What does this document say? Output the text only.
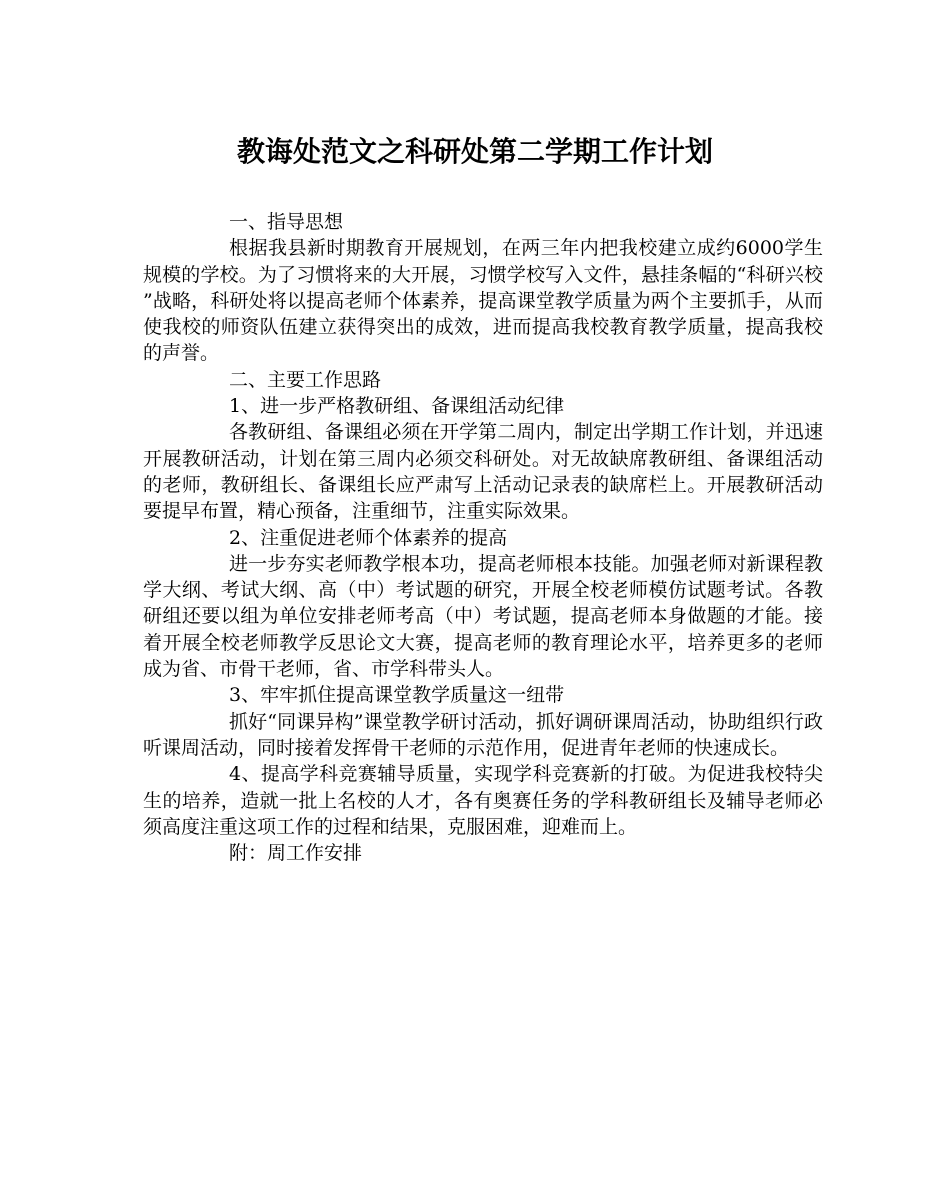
教诲处范文之科研处第二学期工作计划

一、指导思想

根据我县新时期教育开展规划，在两三年内把我校建立成约6000学生规模的学校。为了习惯将来的大开展，习惯学校写入文件，悬挂条幅的“科研兴校”战略，科研处将以提高老师个体素养，提高课堂教学质量为两个主要抓手，从而使我校的师资队伍建立获得突出的成效，进而提高我校教育教学质量，提高我校的声誉。

二、主要工作思路

1、进一步严格教研组、备课组活动纪律

各教研组、备课组必须在开学第二周内，制定出学期工作计划，并迅速开展教研活动，计划在第三周内必须交科研处。对无故缺席教研组、备课组活动的老师，教研组长、备课组长应严肃写上活动记录表的缺席栏上。开展教研活动要提早布置，精心预备，注重细节，注重实际效果。

2、注重促进老师个体素养的提高

进一步夯实老师教学根本功，提高老师根本技能。加强老师对新课程教学大纲、考试大纲、高（中）考试题的研究，开展全校老师模仿试题考试。各教研组还要以组为单位安排老师考高（中）考试题，提高老师本身做题的才能。接着开展全校老师教学反思论文大赛，提高老师的教育理论水平，培养更多的老师成为省、市骨干老师，省、市学科带头人。

3、牢牢抓住提高课堂教学质量这一纽带

抓好“同课异构”课堂教学研讨活动，抓好调研课周活动，协助组织行政听课周活动，同时接着发挥骨干老师的示范作用，促进青年老师的快速成长。

4、提高学科竞赛辅导质量，实现学科竞赛新的打破。为促进我校特尖生的培养，造就一批上名校的人才，各有奥赛任务的学科教研组长及辅导老师必须高度注重这项工作的过程和结果，克服困难，迎难而上。

附：周工作安排
